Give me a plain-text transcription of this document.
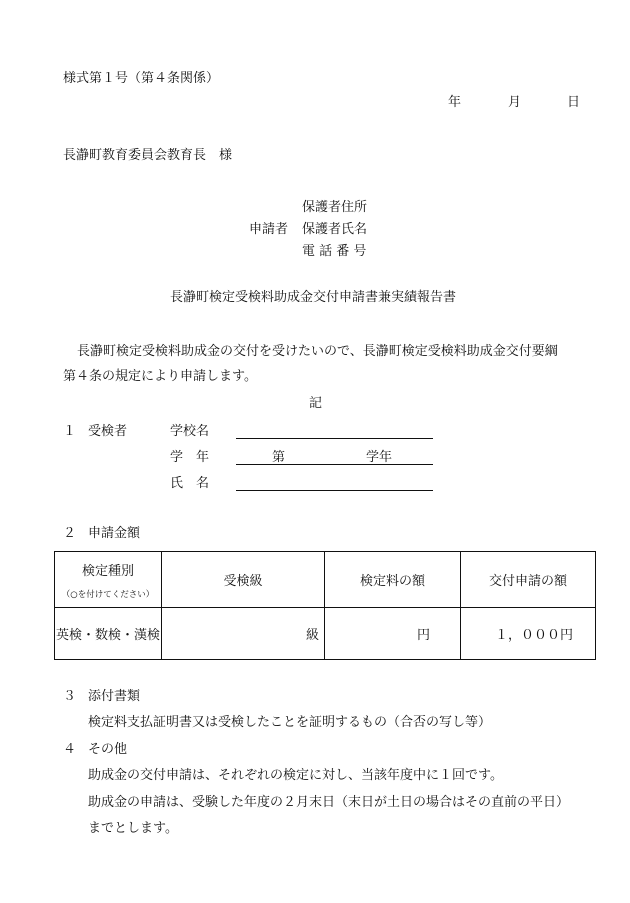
様式第１号（第４条関係）
年	月	日
長瀞町教育委員会教育長　様
保護者住所
申請者 保護者氏名
電 話 番 号
長瀞町検定受検料助成金交付申請書兼実績報告書
長瀞町検定受検料助成金の交付を受けたいので、長瀞町検定受検料助成金交付要綱
第４条の規定により申請します。
記
１ 受検者	学校名
学　年	第	学年
氏　名
２ 申請金額
検定種別
（○を付けてください）	受検級	検定料の額	交付申請の額
英検・数検・漢検	級	円	１，０００円
３ 添付書類
検定料支払証明書又は受検したことを証明するもの（合否の写し等）
４ その他
助成金の交付申請は、それぞれの検定に対し、当該年度中に１回です。
助成金の申請は、受験した年度の２月末日（末日が土日の場合はその直前の平日）
までとします。
